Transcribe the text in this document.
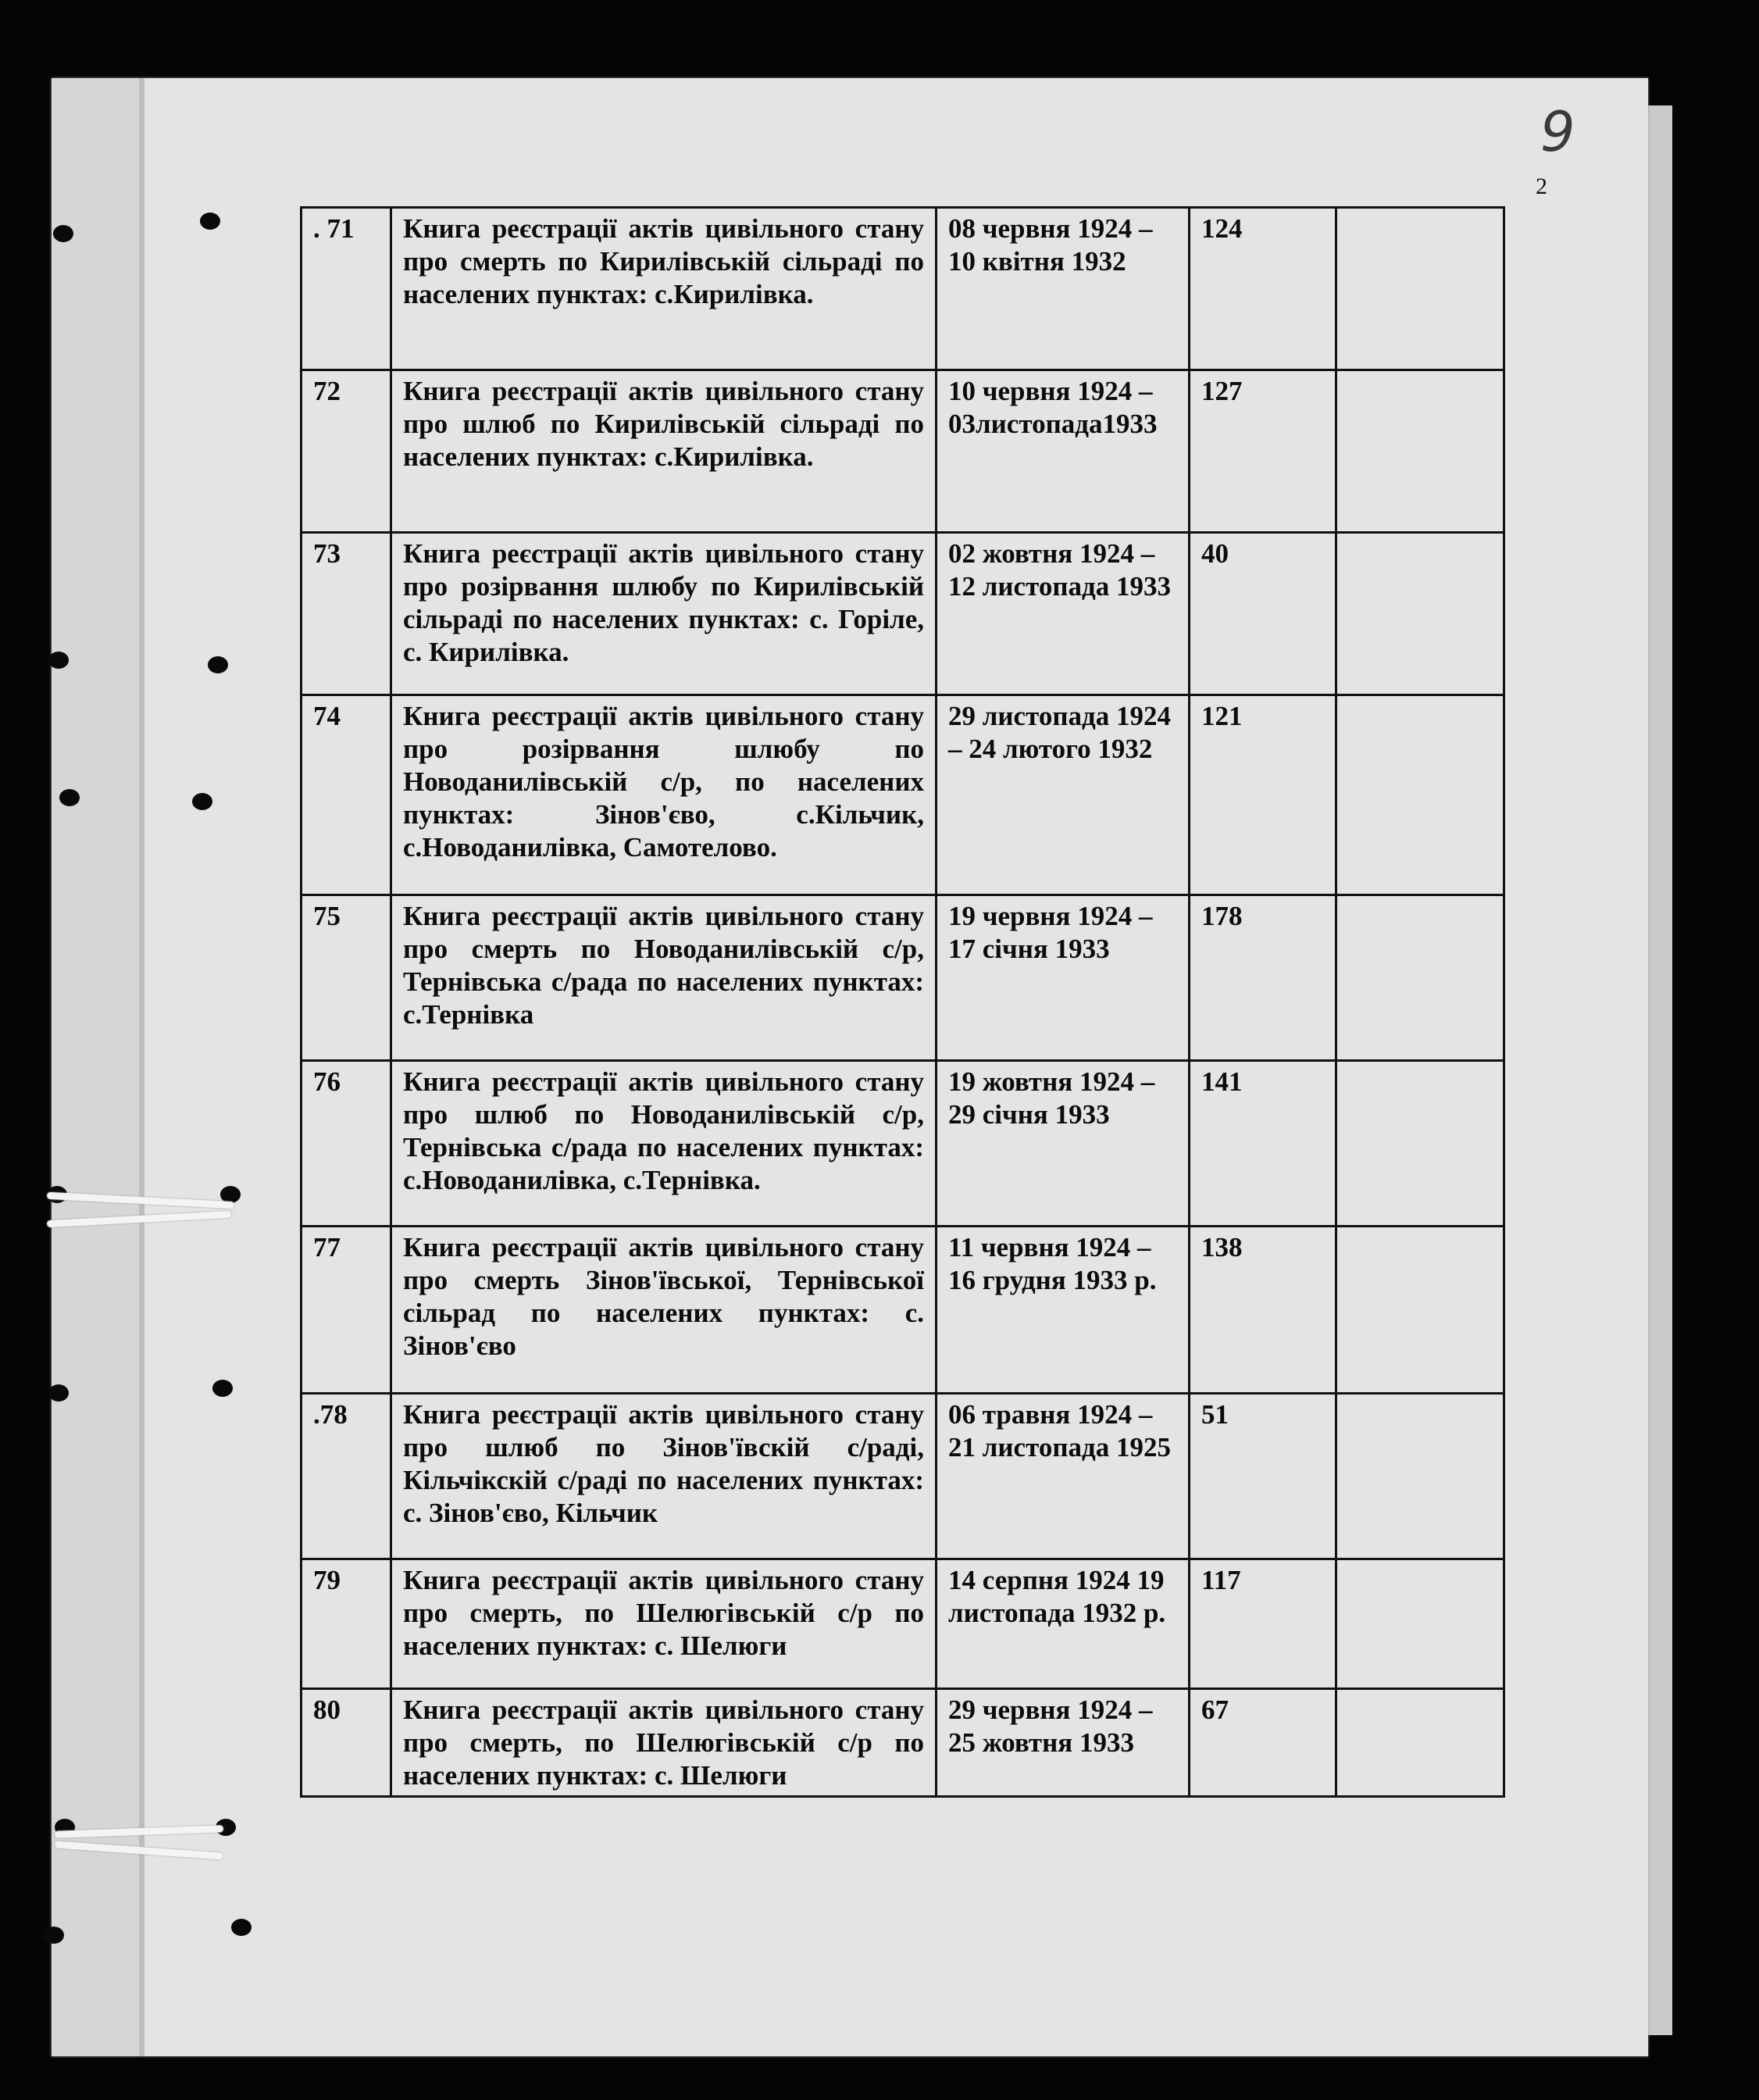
9
2
. 71	Книга реєстрації актів цивільного стану про смерть по Кирилівській сільраді по населених пунктах: с.Кирилівка.	08 червня 1924 – 10 квітня 1932	124	
72	Книга реєстрації актів цивільного стану про шлюб по Кирилівській сільраді по населених пунктах: с.Кирилівка.	10 червня 1924 – 03листопада1933	127	
73	Книга реєстрації актів цивільного стану про розірвання шлюбу по Кирилівській сільраді по населених пунктах: с. Горіле, с. Кирилівка.	02 жовтня 1924 – 12 листопада 1933	40	
74	Книга реєстрації актів цивільного стану про розірвання шлюбу по Новоданилівській с/р, по населених пунктах: Зінов'єво, с.Кільчик, с.Новоданилівка, Самотелово.	29 листопада 1924 – 24 лютого 1932	121	
75	Книга реєстрації актів цивільного стану про смерть по Новоданилівській с/р, Тернівська с/рада по населених пунктах: с.Тернівка	19 червня 1924 – 17 січня 1933	178	
76	Книга реєстрації актів цивільного стану про шлюб по Новоданилівській с/р, Тернівська с/рада по населених пунктах: с.Новоданилівка, с.Тернівка.	19 жовтня 1924 – 29 січня 1933	141	
77	Книга реєстрації актів цивільного стану про смерть Зінов'ївської, Тернівської сільрад по населених пунктах: с. Зінов'єво	11 червня 1924 – 16 грудня 1933 р.	138	
.78	Книга реєстрації актів цивільного стану про шлюб по Зінов'ївскій с/раді, Кільчікскій с/раді по населених пунктах: с. Зінов'єво, Кільчик	06 травня 1924 – 21 листопада 1925	51	
79	Книга реєстрації актів цивільного стану про смерть, по Шелюгівській с/р по населених пунктах: с. Шелюги	14 серпня 1924 19 листопада 1932 р.	117	
80	Книга реєстрації актів цивільного стану про смерть, по Шелюгівській с/р по населених пунктах: с. Шелюги	29 червня 1924 – 25 жовтня 1933	67	
